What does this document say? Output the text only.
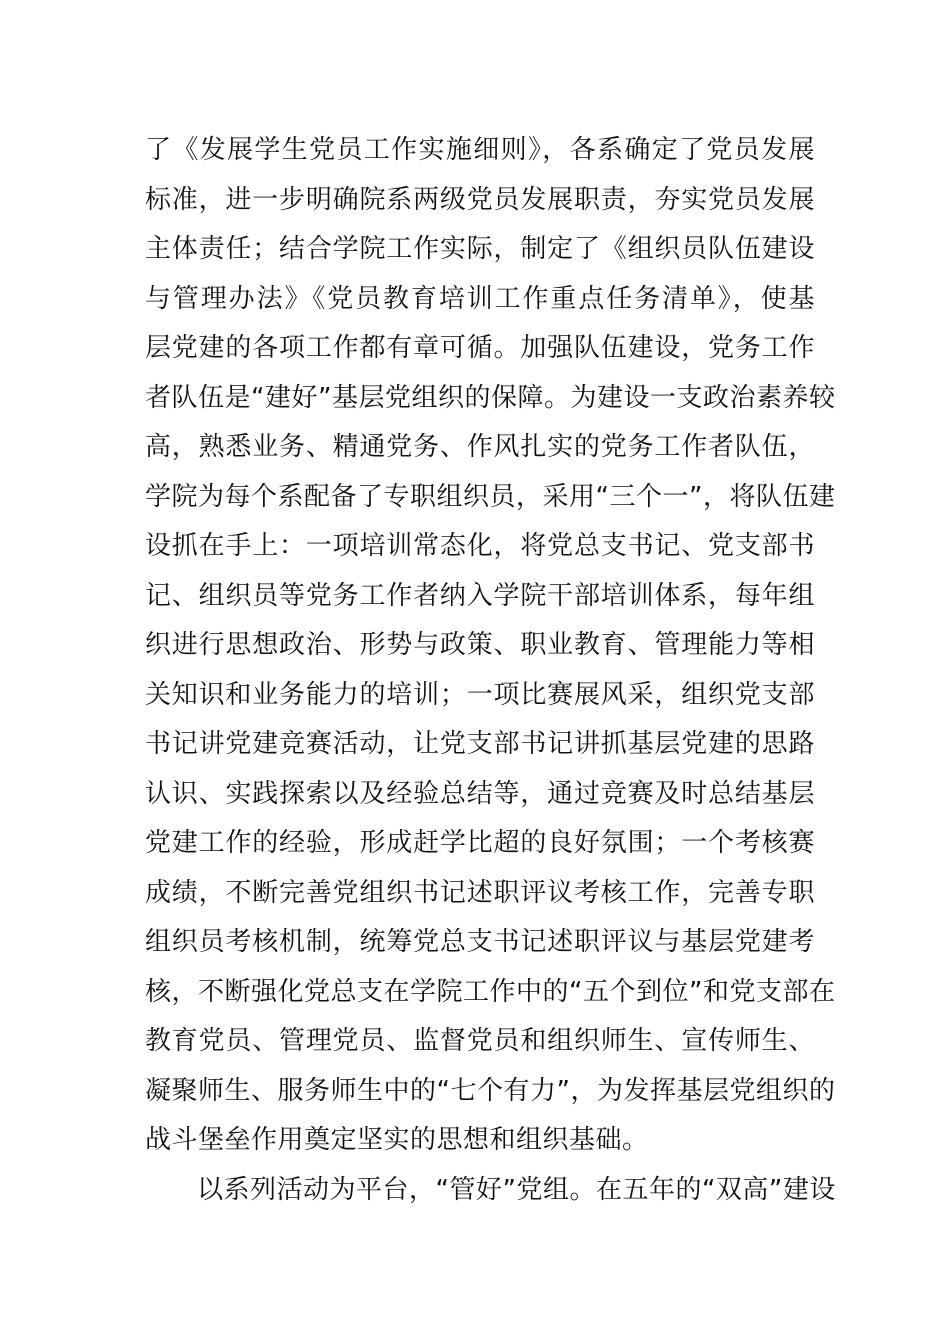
了《发展学生党员工作实施细则》，各系确定了党员发展
标准，进一步明确院系两级党员发展职责，夯实党员发展
主体责任；结合学院工作实际，制定了《组织员队伍建设
与管理办法》《党员教育培训工作重点任务清单》，使基
层党建的各项工作都有章可循。加强队伍建设，党务工作
者队伍是“建好”基层党组织的保障。为建设一支政治素养较
高，熟悉业务、精通党务、作风扎实的党务工作者队伍，
学院为每个系配备了专职组织员，采用“三个一”，将队伍建
设抓在手上：一项培训常态化，将党总支书记、党支部书
记、组织员等党务工作者纳入学院干部培训体系，每年组
织进行思想政治、形势与政策、职业教育、管理能力等相
关知识和业务能力的培训；一项比赛展风采，组织党支部
书记讲党建竞赛活动，让党支部书记讲抓基层党建的思路
认识、实践探索以及经验总结等，通过竞赛及时总结基层
党建工作的经验，形成赶学比超的良好氛围；一个考核赛
成绩，不断完善党组织书记述职评议考核工作，完善专职
组织员考核机制，统筹党总支书记述职评议与基层党建考
核，不断强化党总支在学院工作中的“五个到位”和党支部在
教育党员、管理党员、监督党员和组织师生、宣传师生、
凝聚师生、服务师生中的“七个有力”，为发挥基层党组织的
战斗堡垒作用奠定坚实的思想和组织基础。
以系列活动为平台，“管好”党组。在五年的“双高”建设
